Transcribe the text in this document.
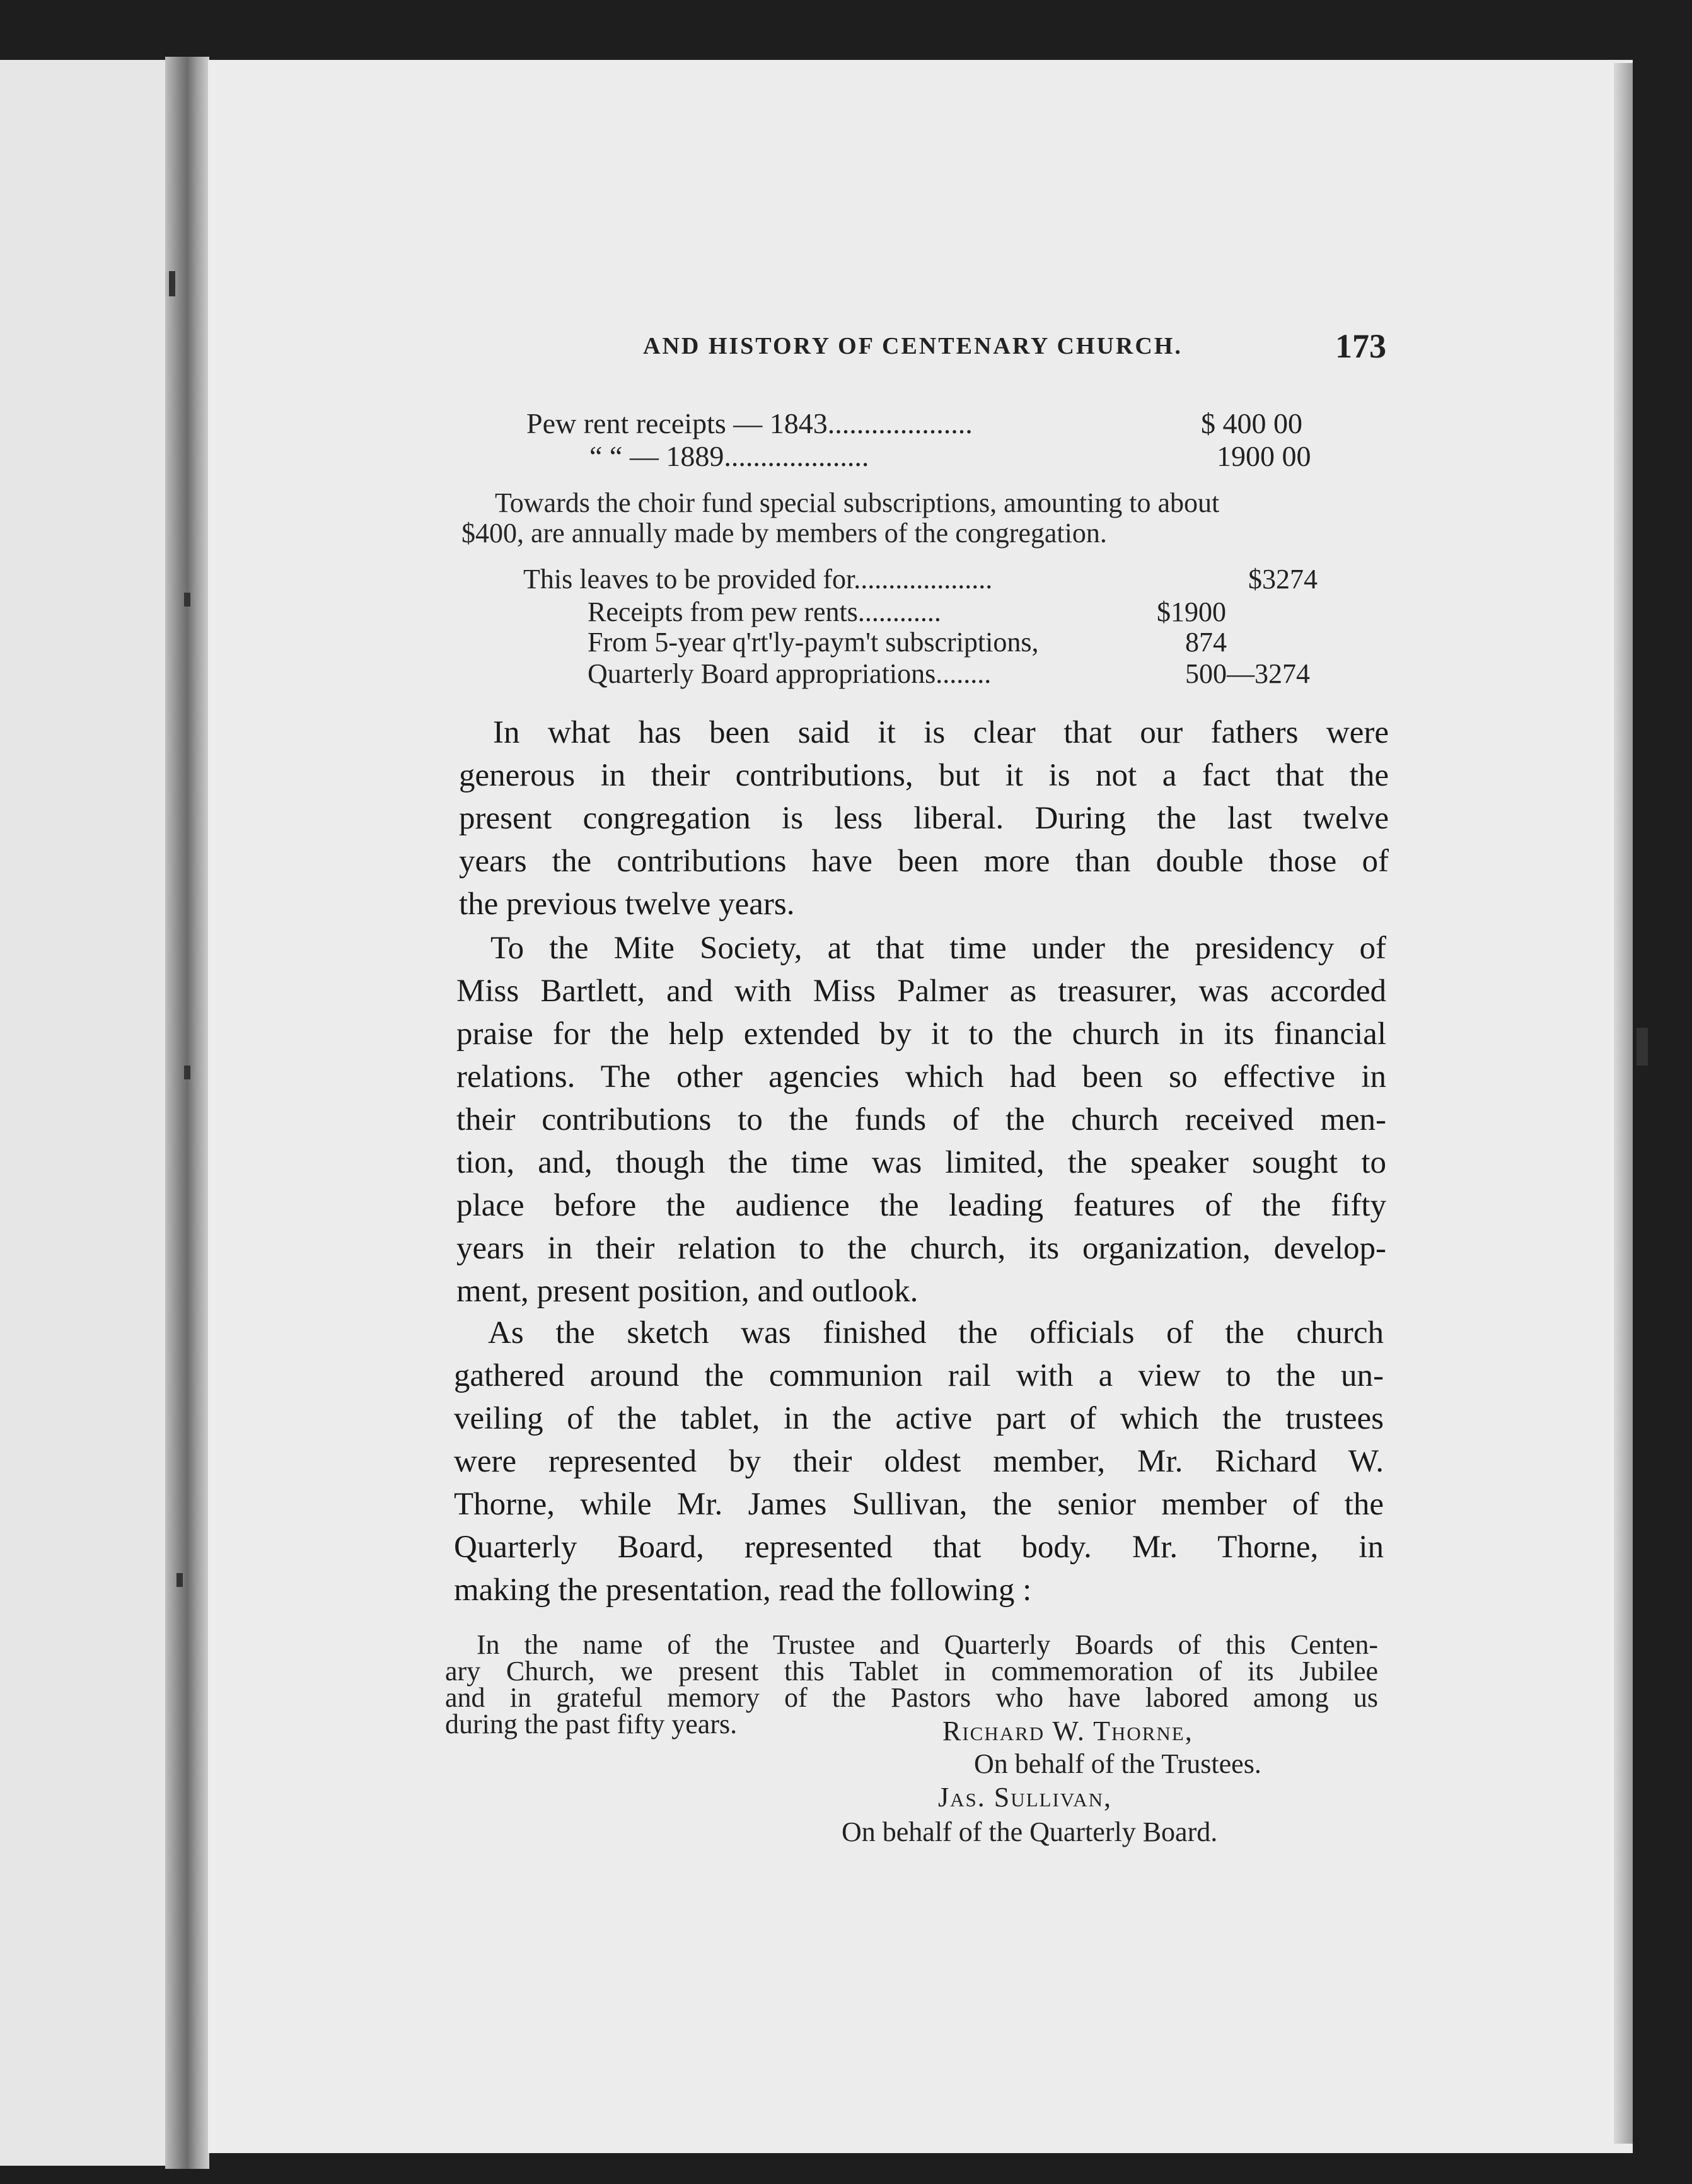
AND HISTORY OF CENTENARY CHURCH.	173
Pew rent receipts — 1843....................	$ 400 00
“ “ — 1889....................	1900 00
Towards the choir fund special subscriptions, amounting to about
$400, are annually made by members of the congregation.
This leaves to be provided for....................	$3274
Receipts from pew rents............	$1900
From 5-year q'rt'ly-paym't subscriptions,	874
Quarterly Board appropriations........	500—3274
In what has been said it is clear that our fathers were
generous in their contributions, but it is not a fact that the
present congregation is less liberal. During the last twelve
years the contributions have been more than double those of
the previous twelve years.
To the Mite Society, at that time under the presidency of
Miss Bartlett, and with Miss Palmer as treasurer, was accorded
praise for the help extended by it to the church in its financial
relations. The other agencies which had been so effective in
their contributions to the funds of the church received men-
tion, and, though the time was limited, the speaker sought to
place before the audience the leading features of the fifty
years in their relation to the church, its organization, develop-
ment, present position, and outlook.
As the sketch was finished the officials of the church
gathered around the communion rail with a view to the un-
veiling of the tablet, in the active part of which the trustees
were represented by their oldest member, Mr. Richard W.
Thorne, while Mr. James Sullivan, the senior member of the
Quarterly Board, represented that body. Mr. Thorne, in
making the presentation, read the following :
In the name of the Trustee and Quarterly Boards of this Centen-
ary Church, we present this Tablet in commemoration of its Jubilee
and in grateful memory of the Pastors who have labored among us
during the past fifty years.	Richard W. Thorne,
On behalf of the Trustees.
Jas. Sullivan,
On behalf of the Quarterly Board.
